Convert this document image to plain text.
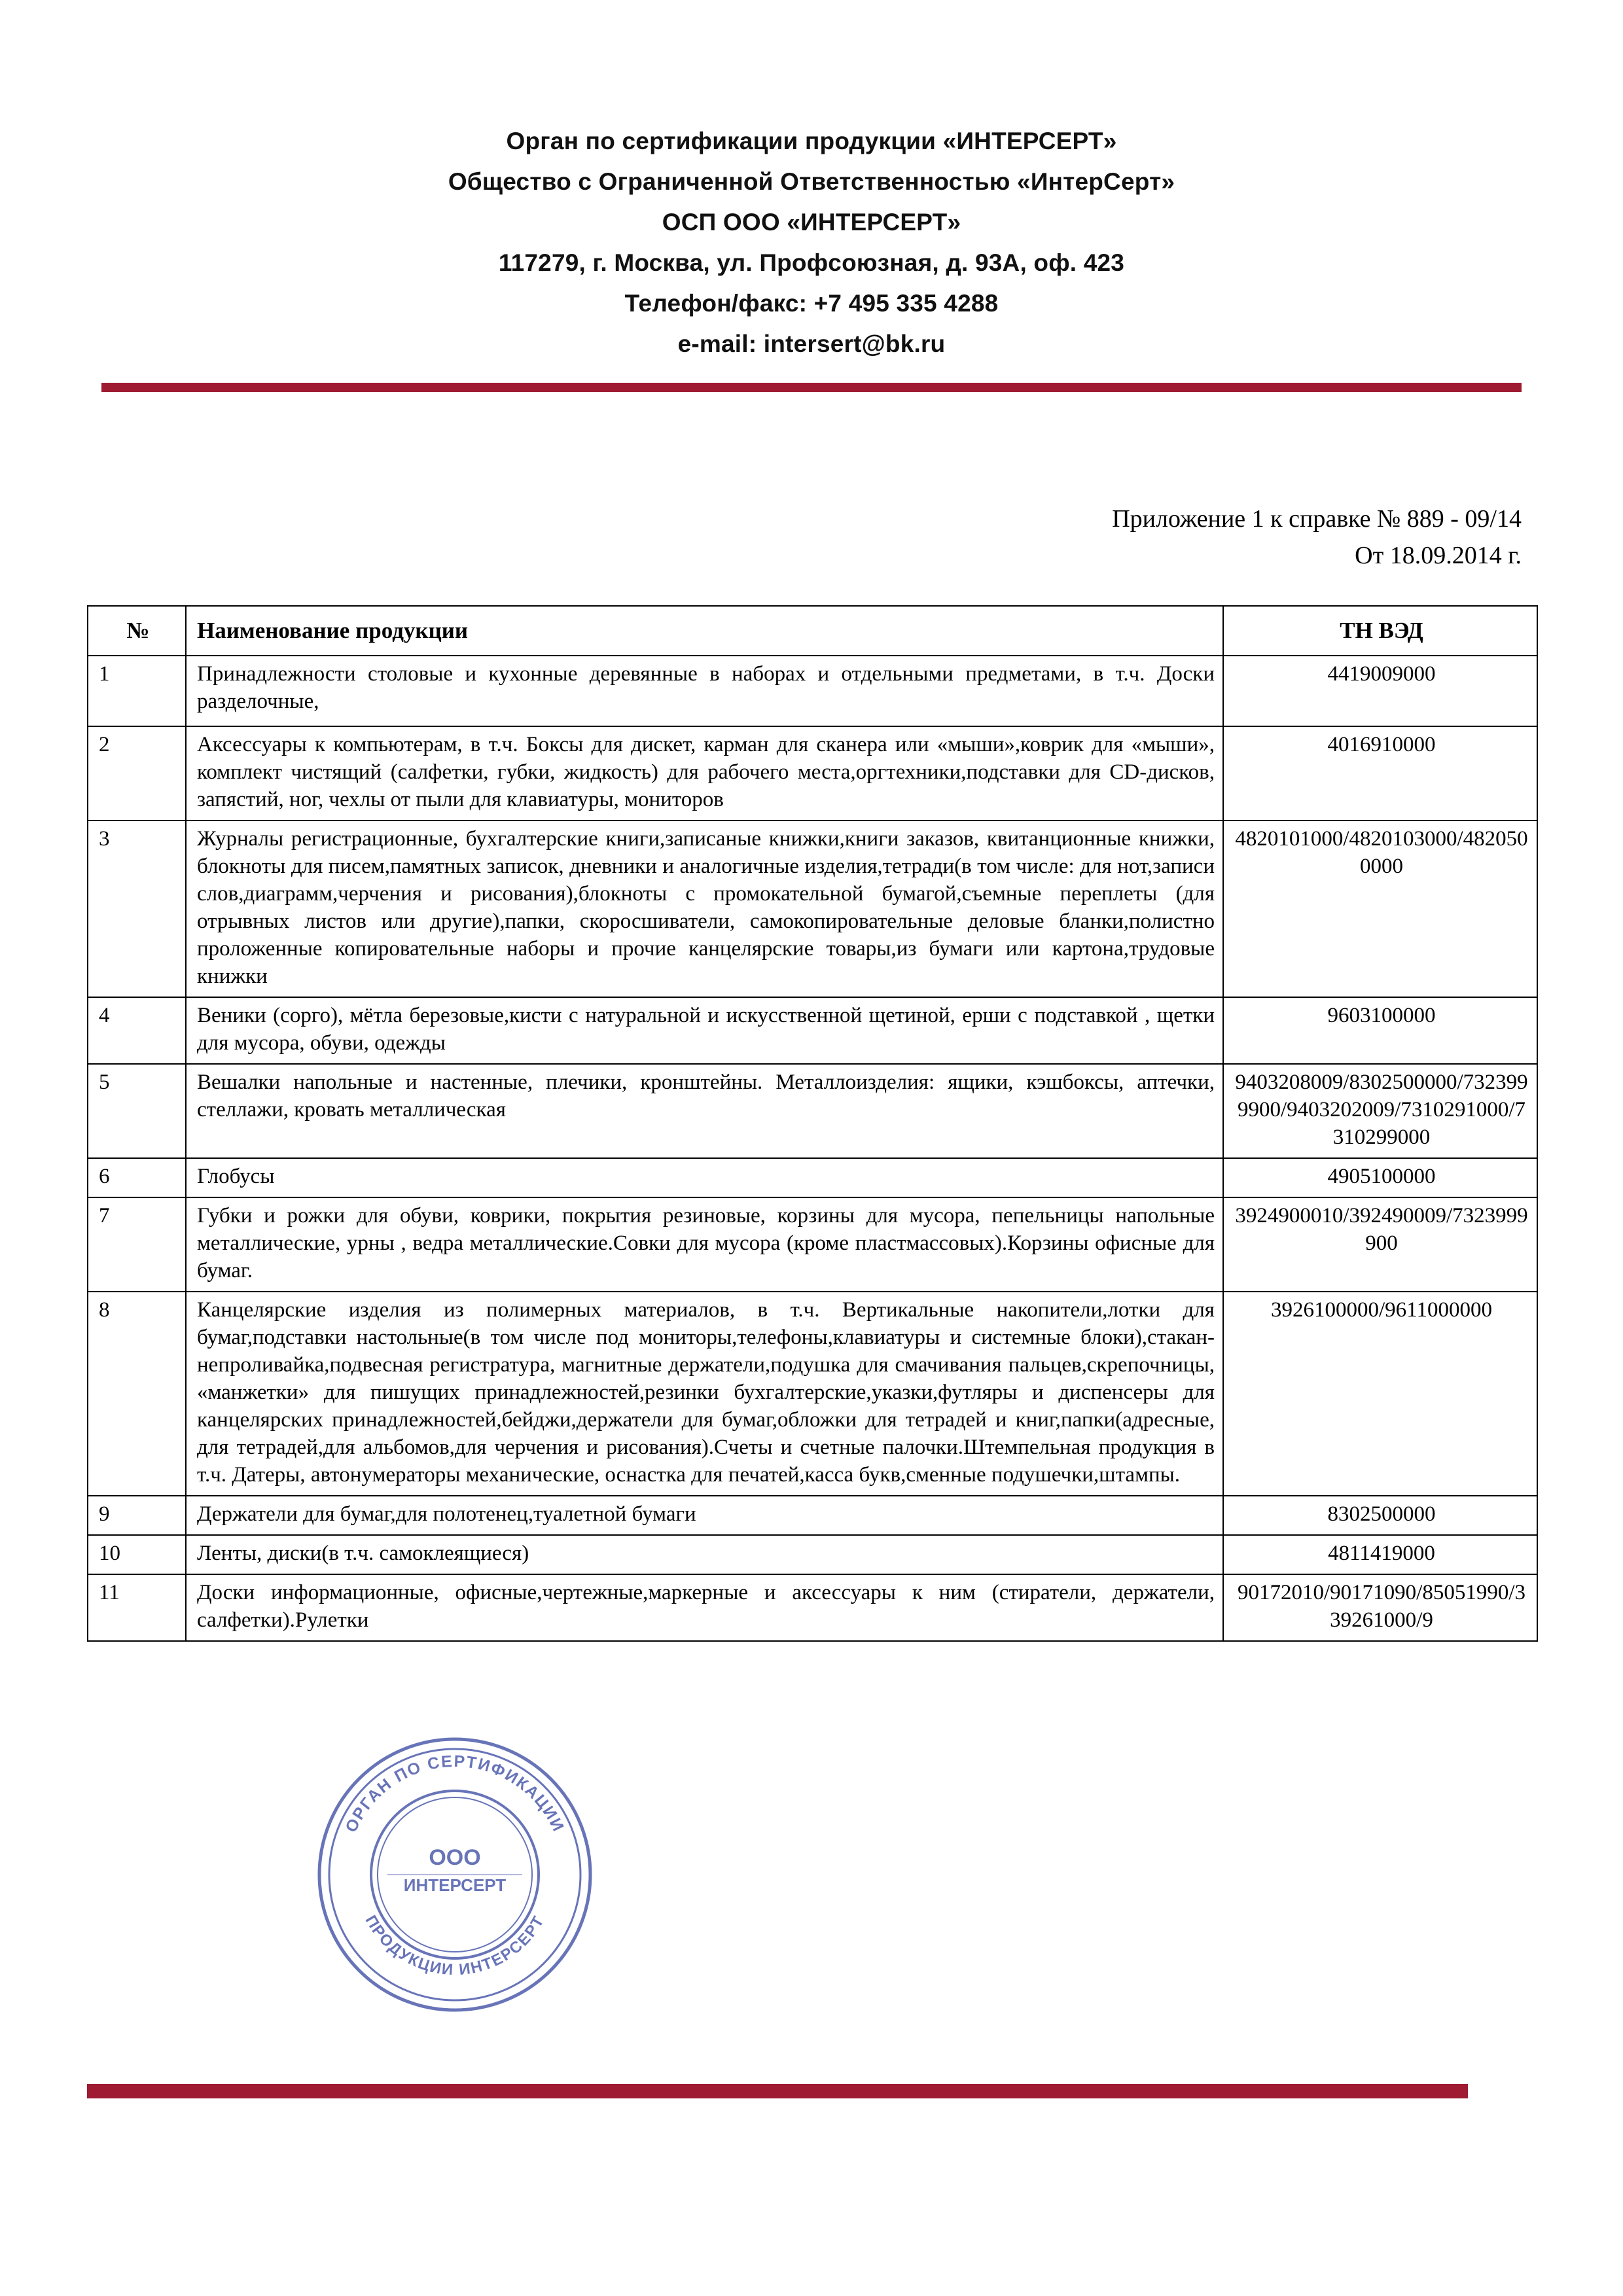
Орган по сертификации продукции «ИНТЕРСЕРТ»
Общество с Ограниченной Ответственностью «ИнтерСерт»
ОСП ООО «ИНТЕРСЕРТ»
117279, г. Москва, ул. Профсоюзная, д. 93А, оф. 423
Телефон/факс: +7 495 335 4288
e-mail: intersert@bk.ru
Приложение 1 к справке № 889 - 09/14
От 18.09.2014 г.
№	Наименование продукции	ТН ВЭД
1	Принадлежности столовые и кухонные деревянные в наборах и отдельными предметами, в т.ч. Доски разделочные,	4419009000
2	Аксессуары к компьютерам, в т.ч. Боксы для дискет, карман для сканера или «мыши»,коврик для «мыши», комплект чистящий (салфетки, губки, жидкость) для рабочего места,оргтехники,подставки для CD-дисков, запястий, ног, чехлы от пыли для клавиатуры, мониторов	4016910000
3	Журналы регистрационные, бухгалтерские книги,записаные книжки,книги заказов, квитанционные книжки, блокноты для писем,памятных записок, дневники и аналогичные изделия,тетради(в том числе: для нот,записи слов,диаграмм,черчения и рисования),блокноты с промокательной бумагой,съемные переплеты (для отрывных листов или другие),папки, скоросшиватели, самокопировательные деловые бланки,полистно проложенные копировательные наборы и прочие канцелярские товары,из бумаги или картона,трудовые книжки	4820101000/4820103000/4820500000
4	Веники (сорго), мётла березовые,кисти с натуральной и искусственной щетиной, ерши с подставкой , щетки для мусора, обуви, одежды	9603100000
5	Вешалки напольные и настенные, плечики, кронштейны. Металлоизделия: ящики, кэшбоксы, аптечки, стеллажи, кровать металлическая	9403208009/8302500000/7323999900/9403202009/7310291000/7310299000
6	Глобусы	4905100000
7	Губки и рожки для обуви, коврики, покрытия резиновые, корзины для мусора, пепельницы напольные металлические, урны , ведра металлические.Совки для мусора (кроме пластмассовых).Корзины офисные для бумаг.	3924900010/392490009/7323999900
8	Канцелярские изделия из полимерных материалов, в т.ч. Вертикальные накопители,лотки для бумаг,подставки настольные(в том числе под мониторы,телефоны,клавиатуры и системные блоки),стакан-непроливайка,подвесная регистратура, магнитные держатели,подушка для смачивания пальцев,скрепочницы, «манжетки» для пишущих принадлежностей,резинки бухгалтерские,указки,футляры и диспенсеры для канцелярских принадлежностей,бейджи,держатели для бумаг,обложки для тетрадей и книг,папки(адресные, для тетрадей,для альбомов,для черчения и рисования).Счеты и счетные палочки.Штемпельная продукция в т.ч. Датеры, автонумераторы механические, оснастка для печатей,касса букв,сменные подушечки,штампы.	3926100000/9611000000
9	Держатели для бумаг,для полотенец,туалетной бумаги	8302500000
10	Ленты, диски(в т.ч. самоклеящиеся)	4811419000
11	Доски информационные, офисные,чертежные,маркерные и аксессуары к ним (стиратели, держатели, салфетки).Рулетки	90172010/90171090/85051990/339261000/9
ОРГАН ПО СЕРТИФИКАЦИИ
ПРОДУКЦИИ ИНТЕРСЕРТ
ООО
ИНТЕРСЕРТ
